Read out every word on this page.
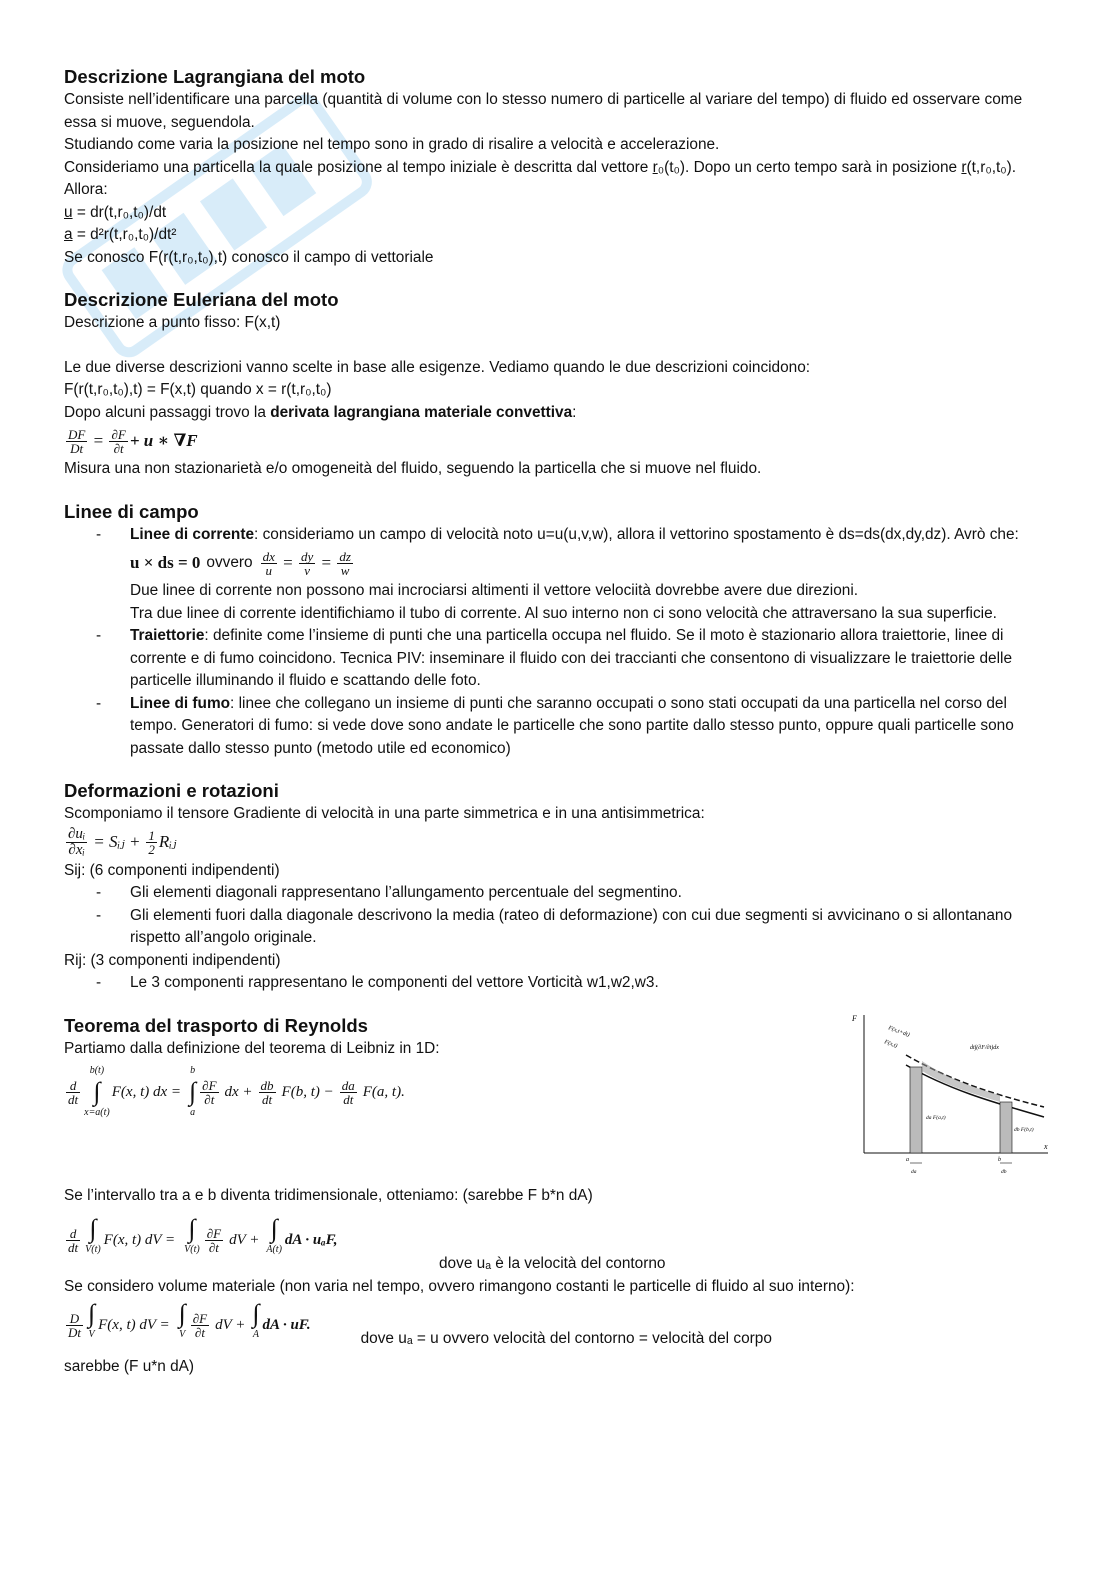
Descrizione Lagrangiana del moto

Consiste nell’identificare una parcella (quantità di volume con lo stesso numero di particelle al variare del tempo) di fluido ed osservare come essa si muove, seguendola.

Studiando come varia la posizione nel tempo sono in grado di risalire a velocità e accelerazione.

Consideriamo una particella la quale posizione al tempo iniziale è descritta dal vettore r₀(t₀). Dopo un certo tempo sarà in posizione r(t,r₀,t₀). Allora:

u = dr(t,r₀,t₀)/dt

a = d²r(t,r₀,t₀)/dt²

Se conosco F(r(t,r₀,t₀),t) conosco il campo di vettoriale

Descrizione Euleriana del moto

Descrizione a punto fisso: F(x,t)

Le due diverse descrizioni vanno scelte in base alle esigenze. Vediamo quando le due descrizioni coincidono:

F(r(t,r₀,t₀),t) = F(x,t) quando x = r(t,r₀,t₀)

Dopo alcuni passaggi trovo la derivata lagrangiana materiale convettiva:

$\frac{DF}{Dt} = \frac{\partial F}{\partial t} + u$ ∗ ∇F

Misura una non stazionarietà e/o omogeneità del fluido, seguendo la particella che si muove nel fluido.

Linee di campo
-	Linee di corrente: consideriamo un campo di velocità noto u=u(u,v,w), allora il vettorino spostamento è ds=ds(dx,dy,dz). Avrò che:

u × ds = 0 ovvero $\frac{dx}{u} = \frac{dy}{v} = \frac{dz}{w}$

Due linee di corrente non possono mai incrociarsi altimenti il vettore velociità dovrebbe avere due direzioni.

Tra due linee di corrente identifichiamo il tubo di corrente. Al suo interno non ci sono velocità che attraversano la sua superficie.

-	Traiettorie: definite come l’insieme di punti che una particella occupa nel fluido. Se il moto è stazionario allora traiettorie, linee di corrente e di fumo coincidono. Tecnica PIV: inseminare il fluido con dei traccianti che consentono di visualizzare le traiettorie delle particelle illuminando il fluido e scattando delle foto.

-	Linee di fumo: linee che collegano un insieme di punti che saranno occupati o sono stati occupati da una particella nel corso del tempo. Generatori di fumo: si vede dove sono andate le particelle che sono partite dallo stesso punto, oppure quali particelle sono passate dallo stesso punto (metodo utile ed economico)

Deformazioni e rotazioni

Scomponiamo il tensore Gradiente di velocità in una parte simmetrica e in una antisimmetrica:

$\frac{\text{∂uᵢ}}{\text{∂xᵢ}}$ = Sᵢⱼ + $\frac{1}{2}$ Rᵢⱼ

Sij: (6 componenti indipendenti)

-	Gli elementi diagonali rappresentano l’allungamento percentuale del segmentino.

-	Gli elementi fuori dalla diagonale descrivono la media (rateo di deformazione) con cui due segmenti si avvicinano o si allontanano rispetto all’angolo originale.

Rij: (3 componenti indipendenti)

-	Le 3 componenti rappresentano le componenti del vettore Vorticità w1,w2,w3.

Teorema del trasporto di Reynolds

Partiamo dalla definizione del teorema di Leibniz in 1D:

$\frac{d}{dt}$
b(t)
∫
x=a(t)
F(x, t) dx =
b
∫
a
$\frac{\partial F}{\partial t}$ dx + $\frac{db}{dt} F(b$, $t) - \frac{da}{dt} F(a$, t).
F
x
F(x,t+dt)
F(x,t)	dt∫(∂F/∂t)dx
da F(a,t)
db F(b,t)
a	b
da	db

Se l’intervallo tra a e b diventa tridimensionale, otteniamo: (sarebbe F b*n dA)

$\frac{d}{dt}$ ∫
V(t)
F(x, t) dV = ∫
$V(t) \frac{\partial F}{\partial t}$ dV + ∫
A(t)
dA · uₐF,

dove uₐ è la velocità del contorno

Se considero volume materiale (non varia nel tempo, ovvero rimangono costanti le particelle di fluido al suo interno):

$\frac{D}{Dt}$ ∫
V
F(x, t) dV = ∫
V $\frac{\partial F}{\partial t}$ dV + ∫
A
dA · uF.

dove uₐ = u ovvero velocità del contorno = velocità del corpo

sarebbe (F u*n dA)
